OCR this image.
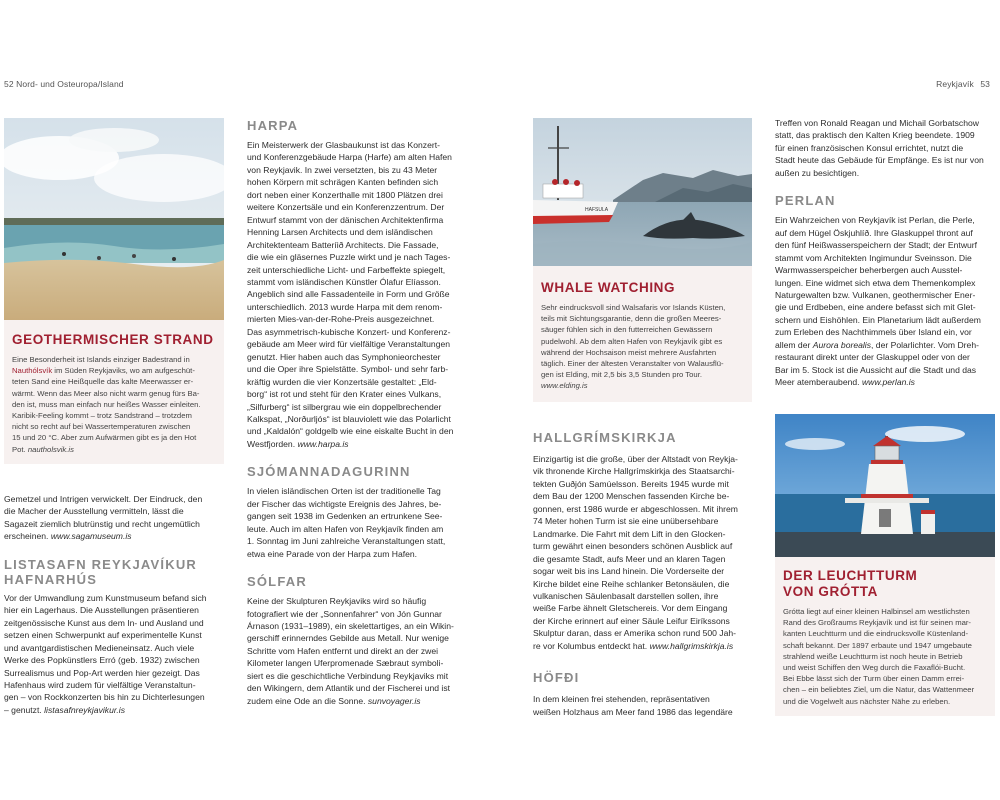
52 Nord- und Osteuropa/Island	Reykjavík 53
GEOTHERMISCHER STRAND
Eine Besonderheit ist Islands einziger Badestrand in
Nauthólsvík im Süden Reykjaviks, wo am aufgeschüt-
teten Sand eine Heißquelle das kalte Meerwasser er-
wärmt. Wenn das Meer also nicht warm genug fürs Ba-
den ist, muss man einfach nur heißes Wasser einleiten.
Karibik-Feeling kommt – trotz Sandstrand – trotzdem
nicht so recht auf bei Wassertemperaturen zwischen
15 und 20 °C. Aber zum Aufwärmen gibt es ja den Hot
Pot. nautholsvik.is

Gemetzel und Intrigen verwickelt. Der Eindruck, den

die Macher der Ausstellung vermitteln, lässt die

Sagazeit ziemlich blutrünstig und recht ungemütlich

erscheinen. www.sagamuseum.is

LISTASAFN REYKJAVÍKUR
HAFNARHÚS

Vor der Umwandlung zum Kunstmuseum befand sich

hier ein Lagerhaus. Die Ausstellungen präsentieren

zeitgenössische Kunst aus dem In- und Ausland und

setzen einen Schwerpunkt auf experimentelle Kunst

und avantgardistischen Medieneinsatz. Auch viele

Werke des Popkünstlers Erró (geb. 1932) zwischen

Surrealismus und Pop-Art werden hier gezeigt. Das

Hafenhaus wird zudem für vielfältige Veranstaltun-

gen – von Rockkonzerten bis hin zu Dichterlesungen

– genutzt. listasafnreykjavikur.is

HARPA

Ein Meisterwerk der Glasbaukunst ist das Konzert-

und Konferenzgebäude Harpa (Harfe) am alten Hafen

von Reykjavik. In zwei versetzten, bis zu 43 Meter

hohen Körpern mit schrägen Kanten befinden sich

dort neben einer Konzerthalle mit 1800 Plätzen drei

weitere Konzertsäle und ein Konferenzzentrum. Der

Entwurf stammt von der dänischen Architektenfirma

Henning Larsen Architects und dem isländischen

Architektenteam Batteríið Architects. Die Fassade,

die wie ein gläsernes Puzzle wirkt und je nach Tages-

zeit unterschiedliche Licht- und Farbeffekte spiegelt,

stammt vom isländischen Künstler Ólafur Elíasson.

Angeblich sind alle Fassadenteile in Form und Größe

unterschiedlich. 2013 wurde Harpa mit dem renom-

mierten Mies-van-der-Rohe-Preis ausgezeichnet.

Das asymmetrisch-kubische Konzert- und Konferenz-

gebäude am Meer wird für vielfältige Veranstaltungen

genutzt. Hier haben auch das Symphonieorchester

und die Oper ihre Spielstätte. Symbol- und sehr farb-

kräftig wurden die vier Konzertsäle gestaltet: „Eld-

borg“ ist rot und steht für den Krater eines Vulkans,

„Silfurberg“ ist silbergrau wie ein doppelbrechender

Kalkspat, „Norðurljós“ ist blauviolett wie das Polarlicht

und „Kaldalón“ goldgelb wie eine eiskalte Bucht in den

Westfjorden. www.harpa.is

SJÓMANNADAGURINN

In vielen isländischen Orten ist der traditionelle Tag

der Fischer das wichtigste Ereignis des Jahres, be-

gangen seit 1938 im Gedenken an ertrunkene See-

leute. Auch im alten Hafen von Reykjavík finden am

1. Sonntag im Juni zahlreiche Veranstaltungen statt,

etwa eine Parade von der Harpa zum Hafen.

SÓLFAR

Keine der Skulpturen Reykjaviks wird so häufig

fotografiert wie der „Sonnenfahrer“ von Jón Gunnar

Árnason (1931–1989), ein skelettartiges, an ein Wikin-

gerschiff erinnerndes Gebilde aus Metall. Nur wenige

Schritte vom Hafen entfernt und direkt an der zwei

Kilometer langen Uferpromenade Sæbraut symboli-

siert es die geschichtliche Verbindung Reykjaviks mit

den Wikingern, dem Atlantik und der Fischerei und ist

zudem eine Ode an die Sonne. sunvoyager.is

HAFSULA
WHALE WATCHING
Sehr eindrucksvoll sind Walsafaris vor Islands Küsten,
teils mit Sichtungsgarantie, denn die großen Meeres-
säuger fühlen sich in den futterreichen Gewässern
pudelwohl. Ab dem alten Hafen von Reykjavík gibt es
während der Hochsaison meist mehrere Ausfahrten
täglich. Einer der ältesten Veranstalter von Walausflü-
gen ist Elding, mit 2,5 bis 3,5 Stunden pro Tour.
www.elding.is
HALLGRÍMSKIRKJA

Einzigartig ist die große, über der Altstadt von Reykja-

vik thronende Kirche Hallgrímskirkja des Staatsarchi-

tekten Guðjón Samúelsson. Bereits 1945 wurde mit

dem Bau der 1200 Menschen fassenden Kirche be-

gonnen, erst 1986 wurde er abgeschlossen. Mit ihrem

74 Meter hohen Turm ist sie eine unübersehbare

Landmarke. Die Fahrt mit dem Lift in den Glocken-

turm gewährt einen besonders schönen Ausblick auf

die gesamte Stadt, aufs Meer und an klaren Tagen

sogar weit bis ins Land hinein. Die Vorderseite der

Kirche bildet eine Reihe schlanker Betonsäulen, die

vulkanischen Säulenbasalt darstellen sollen, ihre

weiße Farbe ähnelt Gletschereis. Vor dem Eingang

der Kirche erinnert auf einer Säule Leifur Eiríkssons

Skulptur daran, dass er Amerika schon rund 500 Jah-

re vor Kolumbus entdeckt hat. www.hallgrimskirkja.is

HÖFÐI

In dem kleinen frei stehenden, repräsentativen

weißen Holzhaus am Meer fand 1986 das legendäre

Treffen von Ronald Reagan und Michail Gorbatschow

statt, das praktisch den Kalten Krieg beendete. 1909

für einen französischen Konsul errichtet, nutzt die

Stadt heute das Gebäude für Empfänge. Es ist nur von

außen zu besichtigen.

PERLAN

Ein Wahrzeichen von Reykjavík ist Perlan, die Perle,

auf dem Hügel Öskjuhlíð. Ihre Glaskuppel thront auf

den fünf Heißwasserspeichern der Stadt; der Entwurf

stammt vom Architekten Ingimundur Sveinsson. Die

Warmwasserspeicher beherbergen auch Ausstel-

lungen. Eine widmet sich etwa dem Themenkomplex

Naturgewalten bzw. Vulkanen, geothermischer Ener-

gie und Erdbeben, eine andere befasst sich mit Glet-

schern und Eishöhlen. Ein Planetarium lädt außerdem

zum Erleben des Nachthimmels über Island ein, vor

allem der Aurora borealis, der Polarlichter. Vom Dreh-

restaurant direkt unter der Glaskuppel oder von der

Bar im 5. Stock ist die Aussicht auf die Stadt und das

Meer atemberaubend. www.perlan.is

DER LEUCHTTURM
VON GRÓTTA
Grótta liegt auf einer kleinen Halbinsel am westlichsten
Rand des Großraums Reykjavík und ist für seinen mar-
kanten Leuchtturm und die eindrucksvolle Küstenland-
schaft bekannt. Der 1897 erbaute und 1947 umgebaute
strahlend weiße Leuchtturm ist noch heute in Betrieb
und weist Schiffen den Weg durch die Faxaflói-Bucht.
Bei Ebbe lässt sich der Turm über einen Damm errei-
chen – ein beliebtes Ziel, um die Natur, das Wattenmeer
und die Vogelwelt aus nächster Nähe zu erleben.
